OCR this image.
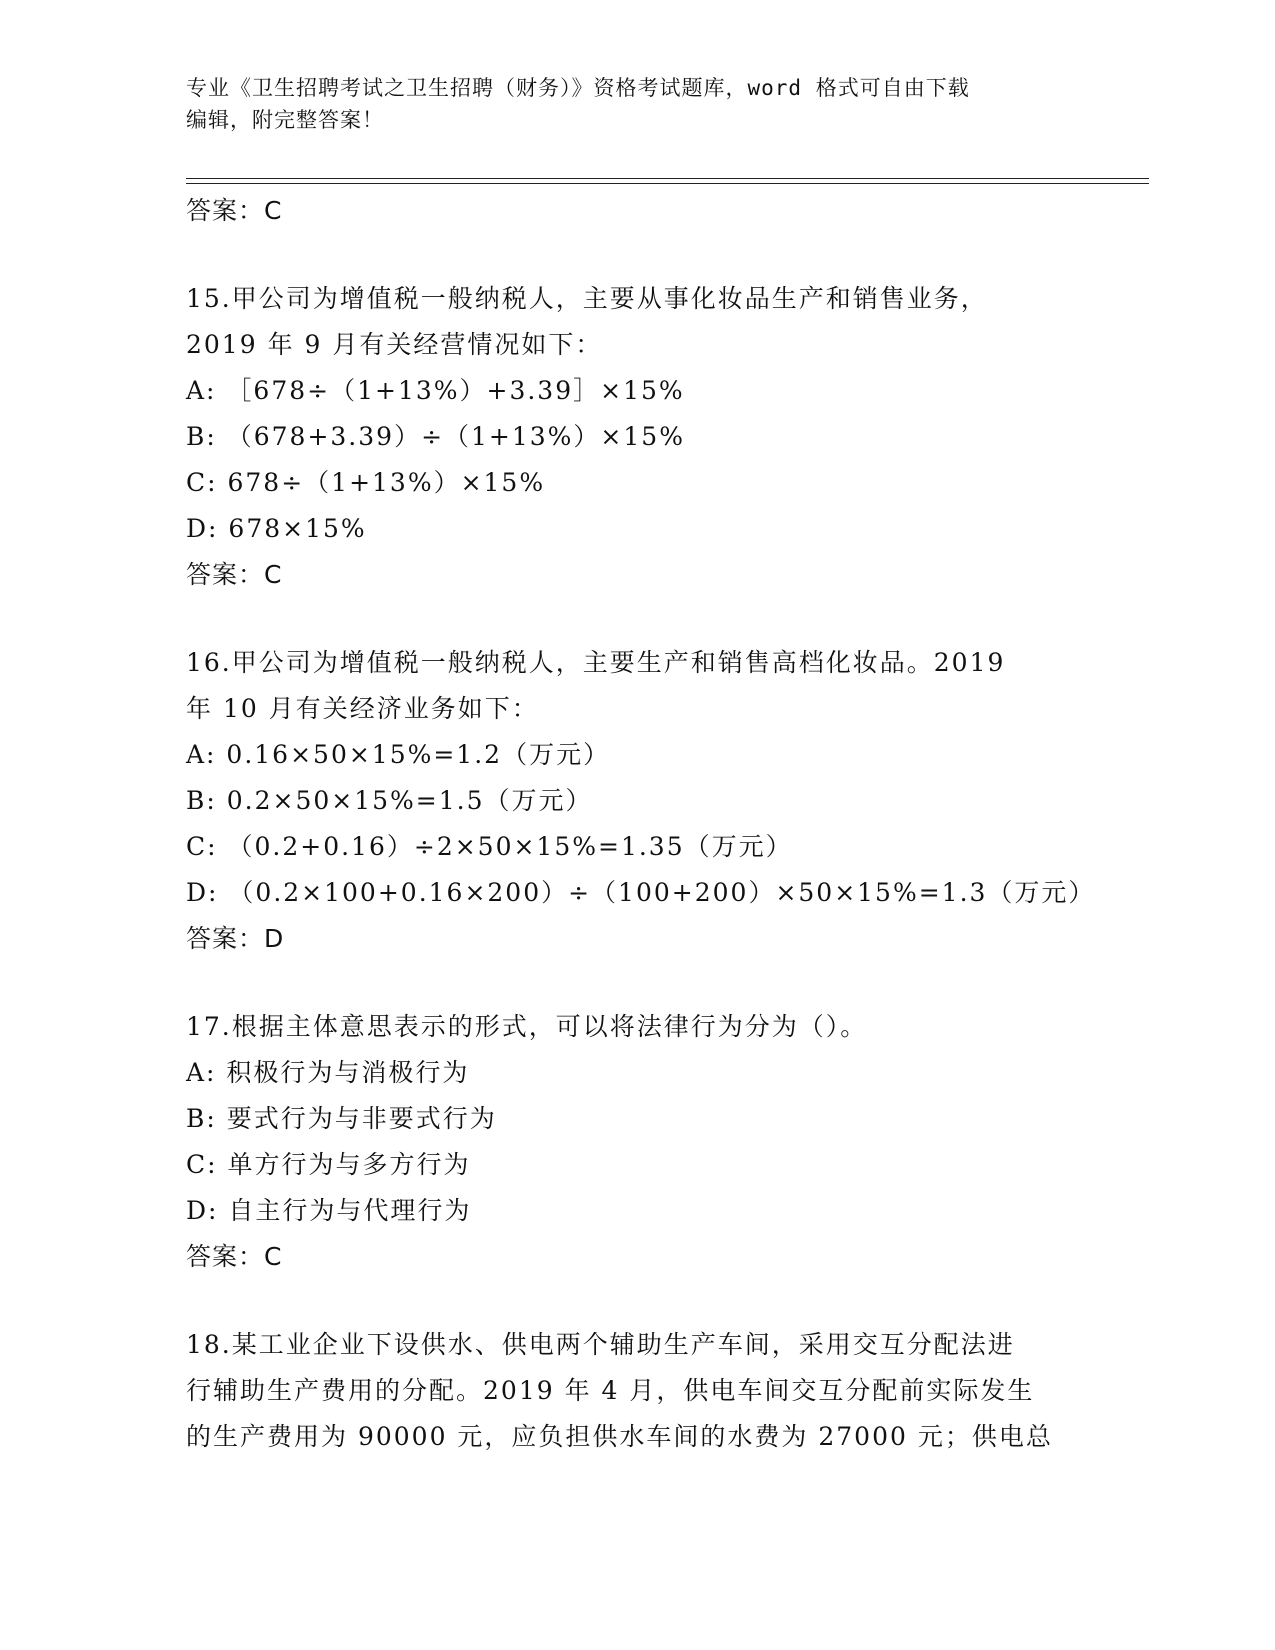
专业《卫生招聘考试之卫生招聘（财务）》资格考试题库，word 格式可自由下载
编辑，附完整答案！
答案：C
15.甲公司为增值税一般纳税人，主要从事化妆品生产和销售业务，
2019 年 9 月有关经营情况如下：
A: ［678÷（1+13%）+3.39］×15%
B: （678+3.39）÷（1+13%）×15%
C: 678÷（1+13%）×15%
D: 678×15%
答案：C
16.甲公司为增值税一般纳税人，主要生产和销售高档化妆品。2019
年 10 月有关经济业务如下：
A: 0.16×50×15%=1.2（万元）
B: 0.2×50×15%=1.5（万元）
C: （0.2+0.16）÷2×50×15%=1.35（万元）
D: （0.2×100+0.16×200）÷（100+200）×50×15%=1.3（万元）
答案：D
17.根据主体意思表示的形式，可以将法律行为分为（）。
A: 积极行为与消极行为
B: 要式行为与非要式行为
C: 单方行为与多方行为
D: 自主行为与代理行为
答案：C
18.某工业企业下设供水、供电两个辅助生产车间，采用交互分配法进
行辅助生产费用的分配。2019 年 4 月，供电车间交互分配前实际发生
的生产费用为 90000 元，应负担供水车间的水费为 27000 元；供电总
